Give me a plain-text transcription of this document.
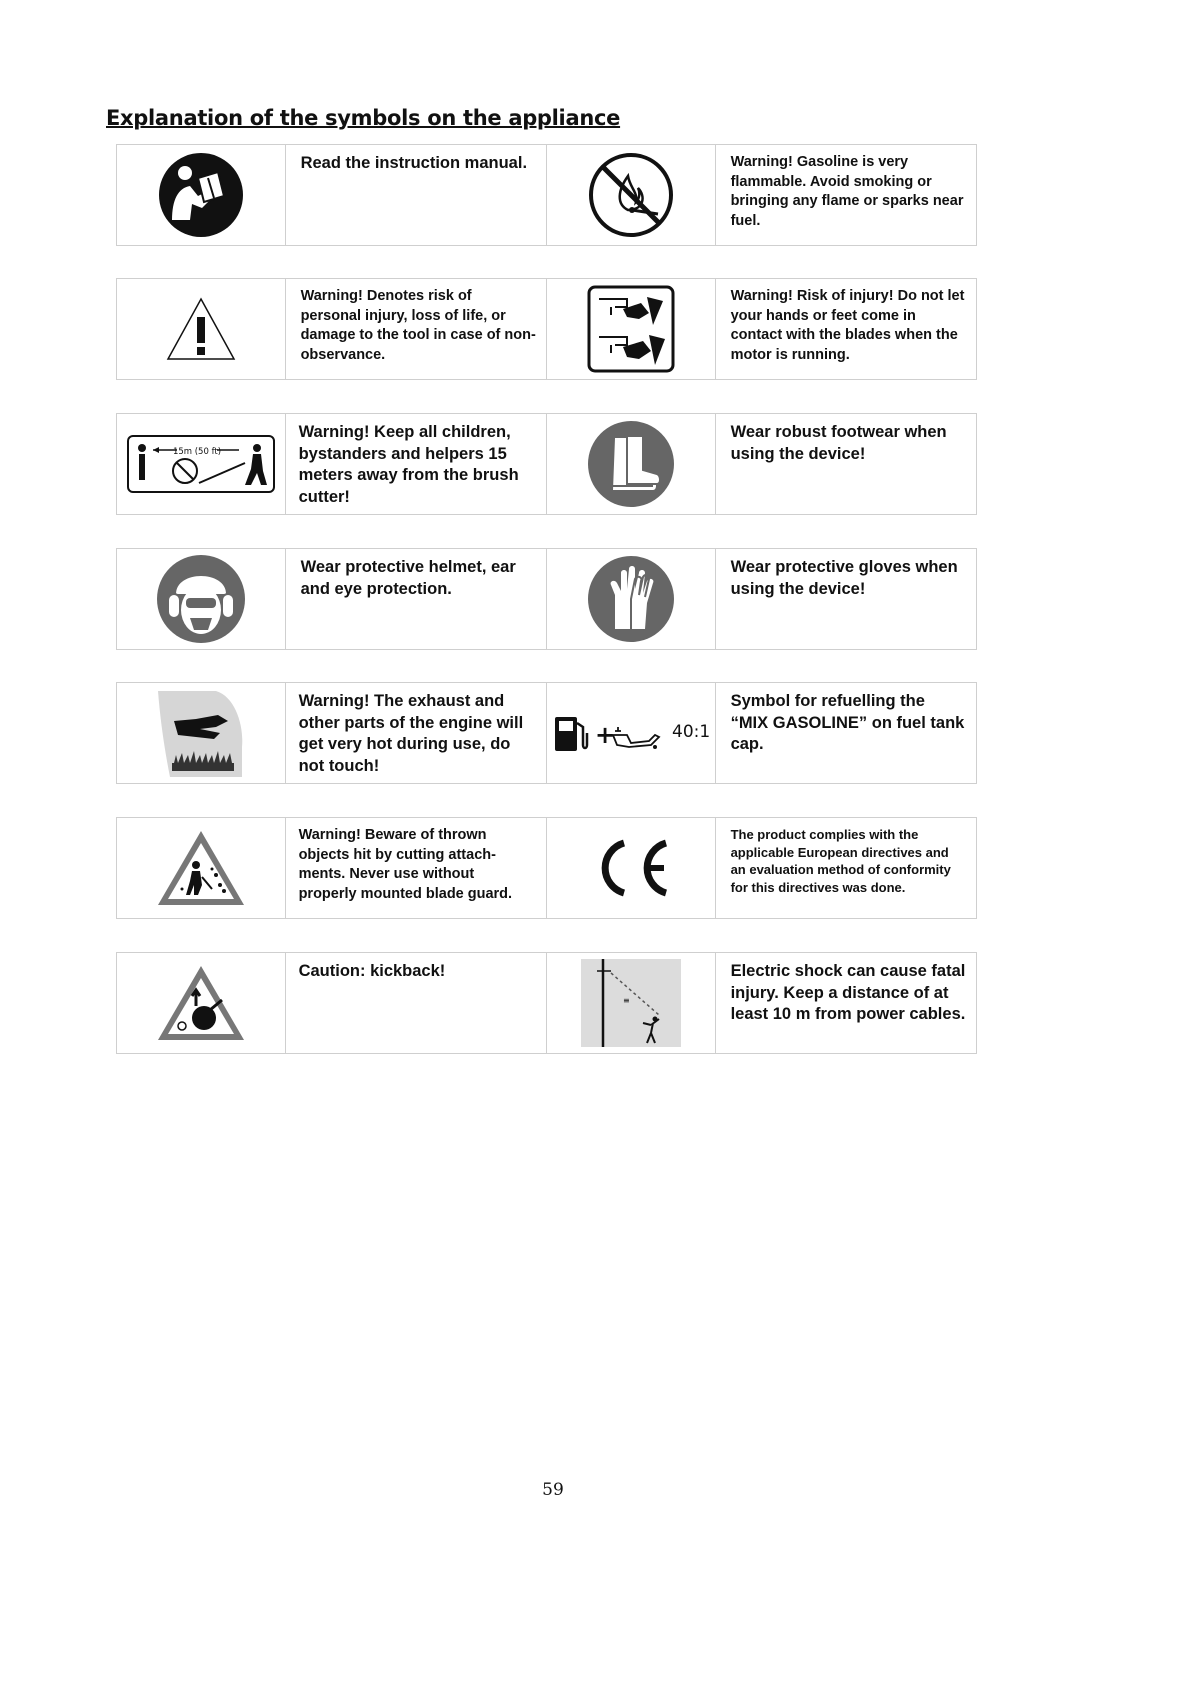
Explanation of the symbols on the appliance
Read the instruction manual.	Warning! Gasoline is very flammable. Avoid smoking or bringing any flame or sparks near fuel.
Warning! Denotes risk of personal injury, loss of life, or damage to the tool in case of non-observance.
Warning! Risk of injury! Do not let your hands or feet come in contact with the blades when the motor is running.
15m (50 ft)
Warning! Keep all children, bystanders and helpers 15 meters away from the brush cutter!
Wear robust footwear when using the device!
Wear protective helmet, ear and eye protection.
Wear protective gloves when using the device!
Warning! The exhaust and other parts of the engine will get very hot during use, do not touch!
+	40:1
Symbol for refuelling the “MIX GASOLINE” on fuel tank cap.
Warning! Beware of thrown objects hit by cutting attach-ments. Never use without properly mounted blade guard.
The product complies with the applicable European directives and an evaluation method of conformity for this directives was done.
Caution: kickback!
≡
Electric shock can cause fatal injury. Keep a distance of at least 10 m from power cables.
59
